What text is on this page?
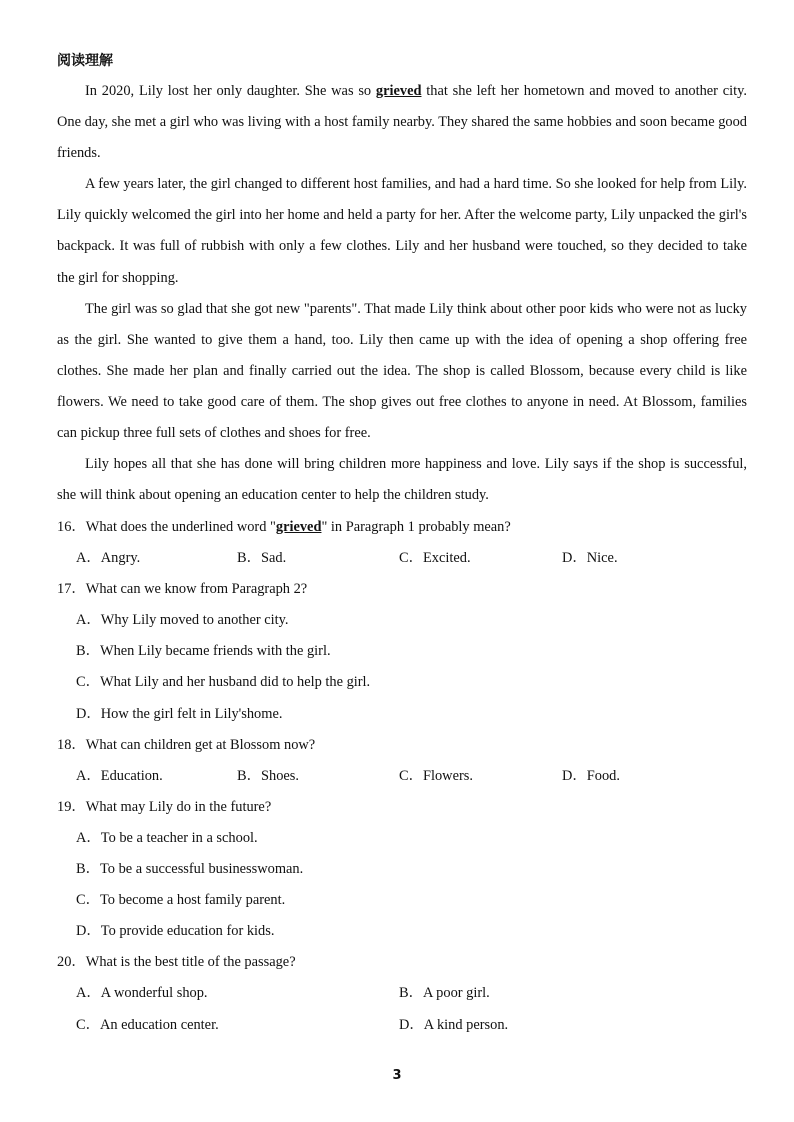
阅读理解

In 2020, Lily lost her only daughter. She was so grieved that she left her hometown and moved to another city. One day, she met a girl who was living with a host family nearby. They shared the same hobbies and soon became good friends.

A few years later, the girl changed to different host families, and had a hard time. So she looked for help from Lily. Lily quickly welcomed the girl into her home and held a party for her. After the welcome party, Lily unpacked the girl's backpack. It was full of rubbish with only a few clothes. Lily and her husband were touched, so they decided to take the girl for shopping.

The girl was so glad that she got new "parents". That made Lily think about other poor kids who were not as lucky as the girl. She wanted to give them a hand, too. Lily then came up with the idea of opening a shop offering free clothes. She made her plan and finally carried out the idea. The shop is called Blossom, because every child is like flowers. We need to take good care of them. The shop gives out free clothes to anyone in need. At Blossom, families can pickup three full sets of clothes and shoes for free.

Lily hopes all that she has done will bring children more happiness and love. Lily says if the shop is successful, she will think about opening an education center to help the children study.

16．What does the underlined word "grieved" in Paragraph 1 probably mean?
A．Angry.	B．Sad.	C．Excited.	D．Nice.
17．What can we know from Paragraph 2?
A．Why Lily moved to another city.
B．When Lily became friends with the girl.
C．What Lily and her husband did to help the girl.
D．How the girl felt in Lily'shome.
18．What can children get at Blossom now?
A．Education.	B．Shoes.	C．Flowers.	D．Food.
19．What may Lily do in the future?
A．To be a teacher in a school.
B．To be a successful businesswoman.
C．To become a host family parent.
D．To provide education for kids.
20．What is the best title of the passage?
A．A wonderful shop.	B．A poor girl.
C．An education center.	D．A kind person.
3
